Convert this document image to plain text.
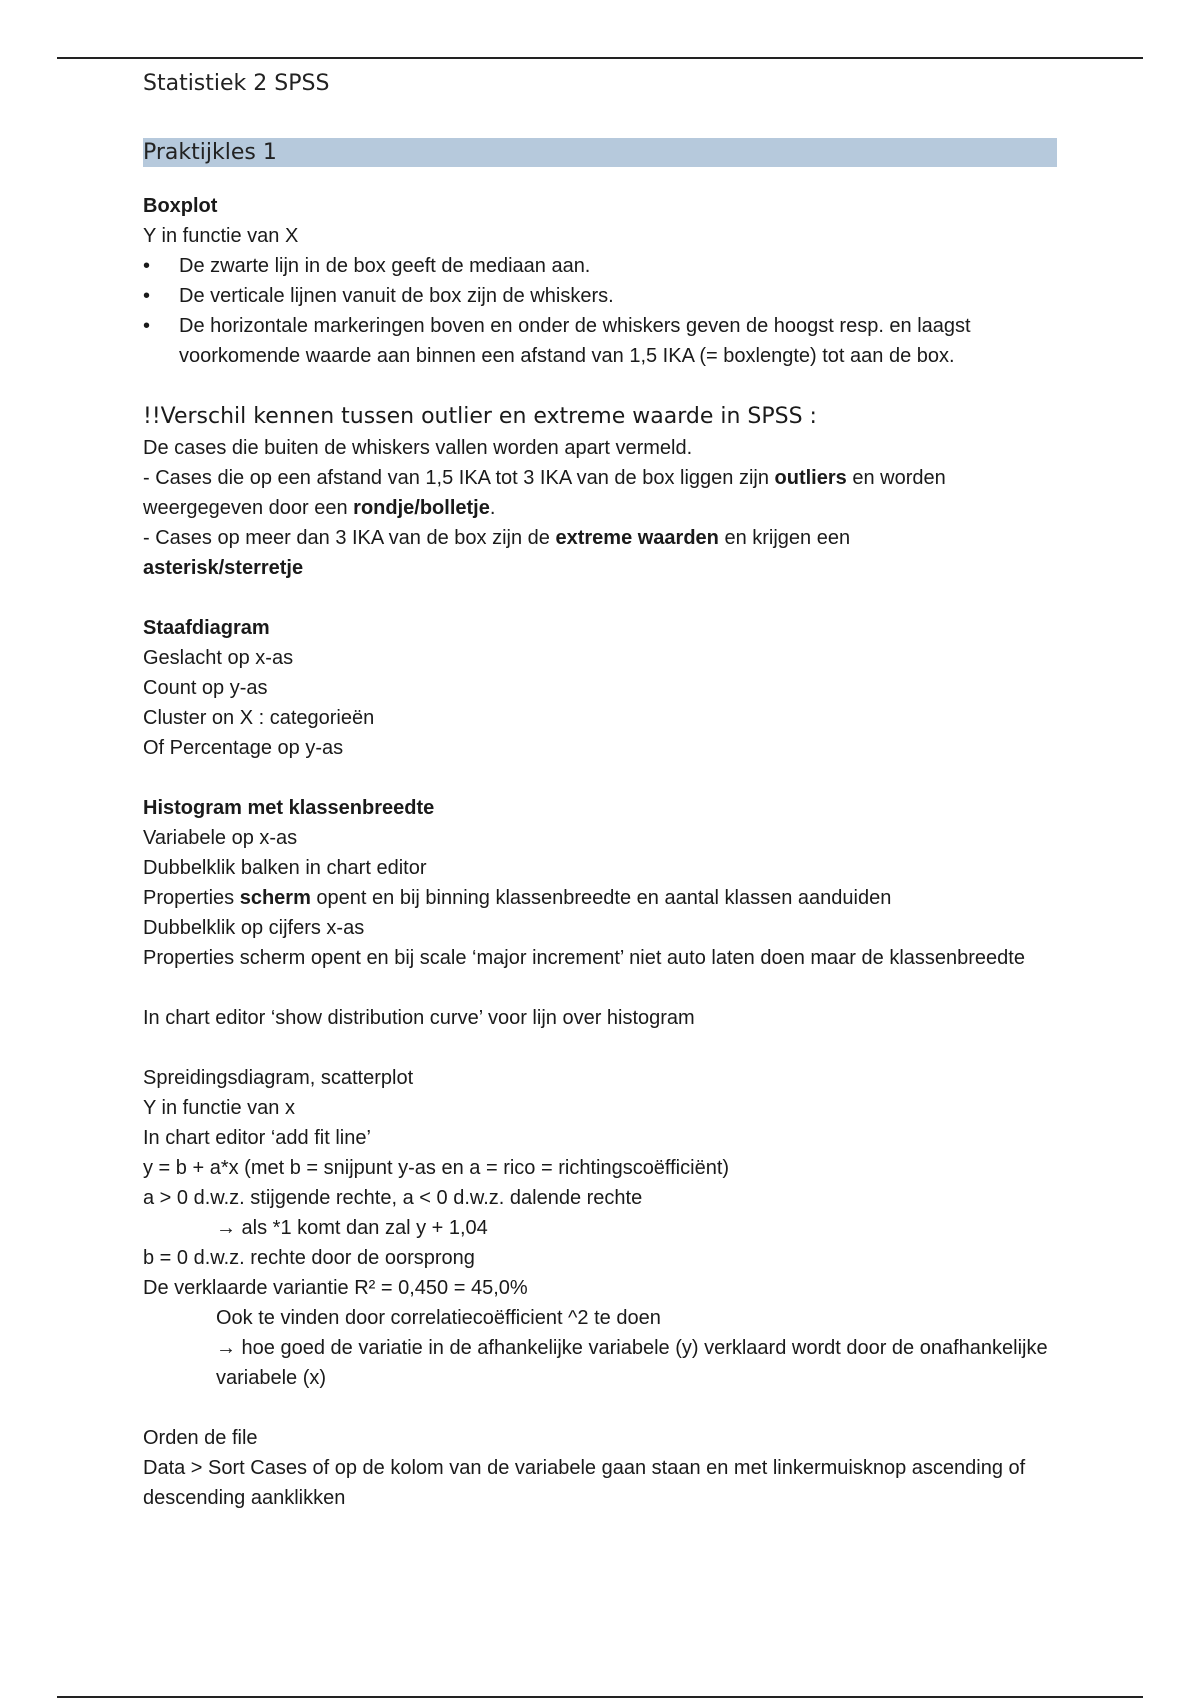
Statistiek 2 SPSS

Praktijkles 1

Boxplot

Y in functie van X

• De zwarte lijn in de box geeft de mediaan aan.
• De verticale lijnen vanuit de box zijn de whiskers.
• De horizontale markeringen boven en onder de whiskers geven de hoogst resp. en laagst voorkomende waarde aan binnen een afstand van 1,5 IKA (= boxlengte) tot aan de box.

!!Verschil kennen tussen outlier en extreme waarde in SPSS :

De cases die buiten de whiskers vallen worden apart vermeld.

- Cases die op een afstand van 1,5 IKA tot 3 IKA van de box liggen zijn outliers en worden weergegeven door een rondje/bolletje.

- Cases op meer dan 3 IKA van de box zijn de extreme waarden en krijgen een
asterisk/sterretje

Staafdiagram

Geslacht op x-as

Count op y-as

Cluster on X : categorieën

Of Percentage op y-as

Histogram met klassenbreedte

Variabele op x-as

Dubbelklik balken in chart editor

Properties scherm opent en bij binning klassenbreedte en aantal klassen aanduiden

Dubbelklik op cijfers x-as

Properties scherm opent en bij scale ‘major increment’ niet auto laten doen maar de klassenbreedte

In chart editor ‘show distribution curve’ voor lijn over histogram

Spreidingsdiagram, scatterplot

Y in functie van x

In chart editor ‘add fit line’

y = b + a*x (met b = snijpunt y-as en a = rico = richtingscoëfficiënt)

a > 0 d.w.z. stijgende rechte, a < 0 d.w.z. dalende rechte

→ als *1 komt dan zal y + 1,04

b = 0 d.w.z. rechte door de oorsprong

De verklaarde variantie R² = 0,450 = 45,0%

Ook te vinden door correlatiecoëfficient ^2 te doen

→ hoe goed de variatie in de afhankelijke variabele (y) verklaard wordt door de onafhankelijke variabele (x)

Orden de file

Data > Sort Cases of op de kolom van de variabele gaan staan en met linkermuisknop ascending of descending aanklikken
